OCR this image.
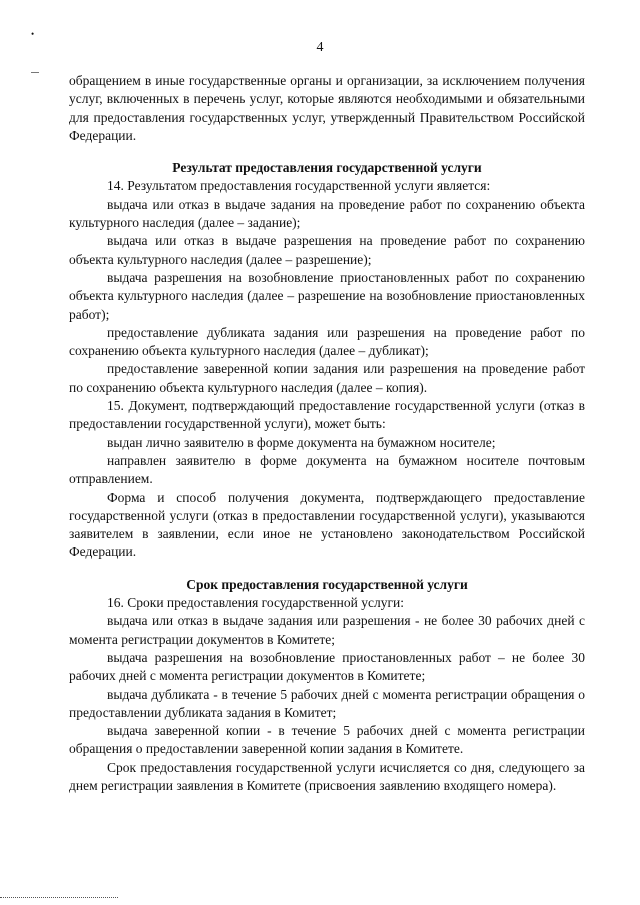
•
4

обращением в иные государственные органы и организации, за исключением получения услуг, включенных в перечень услуг, которые являются необходимыми и обязательными для предоставления государственных услуг, утвержденный Правительством Российской Федерации.

Результат предоставления государственной услуги

14. Результатом предоставления государственной услуги является:

выдача или отказ в выдаче задания на проведение работ по сохранению объекта культурного наследия (далее – задание);

выдача или отказ в выдаче разрешения на проведение работ по сохранению объекта культурного наследия (далее – разрешение);

выдача разрешения на возобновление приостановленных работ по сохранению объекта культурного наследия (далее – разрешение на возобновление приостановленных работ);

предоставление дубликата задания или разрешения на проведение работ по сохранению объекта культурного наследия (далее – дубликат);

предоставление заверенной копии задания или разрешения на проведение работ по сохранению объекта культурного наследия (далее – копия).

15. Документ, подтверждающий предоставление государственной услуги (отказ в предоставлении государственной услуги), может быть:

выдан лично заявителю в форме документа на бумажном носителе;

направлен заявителю в форме документа на бумажном носителе почтовым отправлением.

Форма и способ получения документа, подтверждающего предоставление государственной услуги (отказ в предоставлении государственной услуги), указываются заявителем в заявлении, если иное не установлено законодательством Российской Федерации.

Срок предоставления государственной услуги

16. Сроки предоставления государственной услуги:

выдача или отказ в выдаче задания или разрешения - не более 30 рабочих дней с момента регистрации документов в Комитете;

выдача разрешения на возобновление приостановленных работ – не более 30 рабочих дней с момента регистрации документов в Комитете;

выдача дубликата - в течение 5 рабочих дней с момента регистрации обращения о предоставлении дубликата задания в Комитет;

выдача заверенной копии - в течение 5 рабочих дней с момента регистрации обращения о предоставлении заверенной копии задания в Комитете.

Срок предоставления государственной услуги исчисляется со дня, следующего за днем регистрации заявления в Комитете (присвоения заявлению входящего номера).
